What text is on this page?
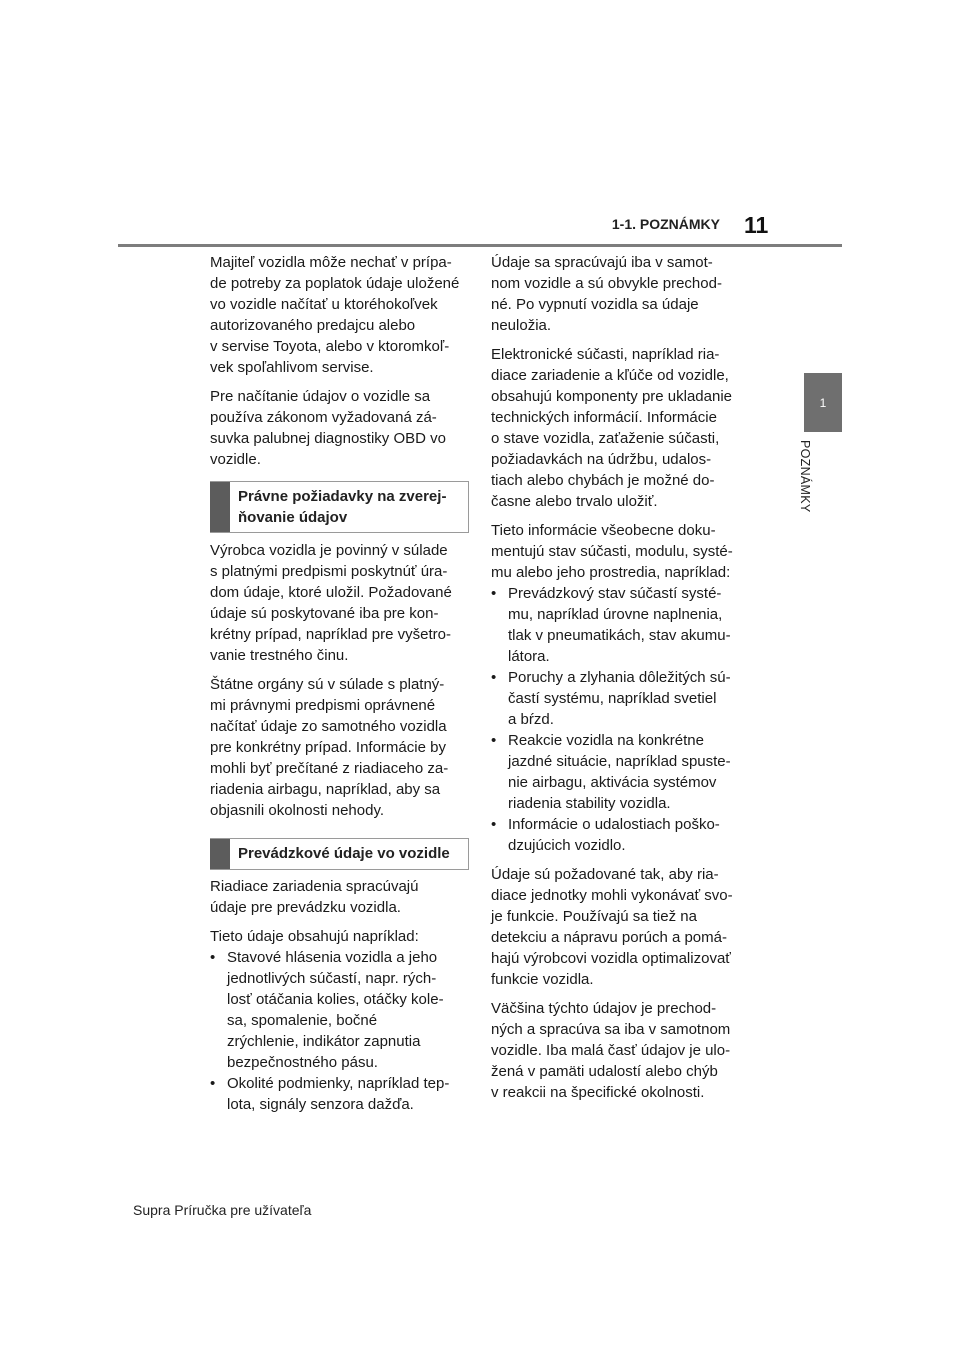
1-1. POZNÁMKY 11
1
POZNÁMKY

Majiteľ vozidla môže nechať v prípa-
de potreby za poplatok údaje uložené
vo vozidle načítať u ktoréhokoľvek
autorizovaného predajcu alebo
v servise Toyota, alebo v ktoromkoľ-
vek spoľahlivom servise.

Pre načítanie údajov o vozidle sa
používa zákonom vyžadovaná zá-
suvka palubnej diagnostiky OBD vo
vozidle.

Právne požiadavky na zverej-
ňovanie údajov

Výrobca vozidla je povinný v súlade
s platnými predpismi poskytnúť úra-
dom údaje, ktoré uložil. Požadované
údaje sú poskytované iba pre kon-
krétny prípad, napríklad pre vyšetro-
vanie trestného činu.

Štátne orgány sú v súlade s platný-
mi právnymi predpismi oprávnené
načítať údaje zo samotného vozidla
pre konkrétny prípad. Informácie by
mohli byť prečítané z riadiaceho za-
riadenia airbagu, napríklad, aby sa
objasnili okolnosti nehody.

Prevádzkové údaje vo vozidle

Riadiace zariadenia spracúvajú
údaje pre prevádzku vozidla.

Tieto údaje obsahujú napríklad:

• Stavové hlásenia vozidla a jeho
jednotlivých súčastí, napr. rých-
losť otáčania kolies, otáčky kole-
sa, spomalenie, bočné
zrýchlenie, indikátor zapnutia
bezpečnostného pásu.
• Okolité podmienky, napríklad tep-
lota, signály senzora dažďa.

Údaje sa spracúvajú iba v samot-
nom vozidle a sú obvykle prechod-
né. Po vypnutí vozidla sa údaje
neuložia.

Elektronické súčasti, napríklad ria-
diace zariadenie a kľúče od vozidle,
obsahujú komponenty pre ukladanie
technických informácií. Informácie
o stave vozidla, zaťaženie súčasti,
požiadavkách na údržbu, udalos-
tiach alebo chybách je možné do-
časne alebo trvalo uložiť.

Tieto informácie všeobecne doku-
mentujú stav súčasti, modulu, systé-
mu alebo jeho prostredia, napríklad:

• Prevádzkový stav súčastí systé-
mu, napríklad úrovne naplnenia,
tlak v pneumatikách, stav akumu-
látora.
• Poruchy a zlyhania dôležitých sú-
častí systému, napríklad svetiel
a bŕzd.
• Reakcie vozidla na konkrétne
jazdné situácie, napríklad spuste-
nie airbagu, aktivácia systémov
riadenia stability vozidla.
• Informácie o udalostiach poško-
dzujúcich vozidlo.

Údaje sú požadované tak, aby ria-
diace jednotky mohli vykonávať svo-
je funkcie. Používajú sa tiež na
detekciu a nápravu porúch a pomá-
hajú výrobcovi vozidla optimalizovať
funkcie vozidla.

Väčšina týchto údajov je prechod-
ných a spracúva sa iba v samotnom
vozidle. Iba malá časť údajov je ulo-
žená v pamäti udalostí alebo chýb
v reakcii na špecifické okolnosti.

Supra Príručka pre užívateľa
